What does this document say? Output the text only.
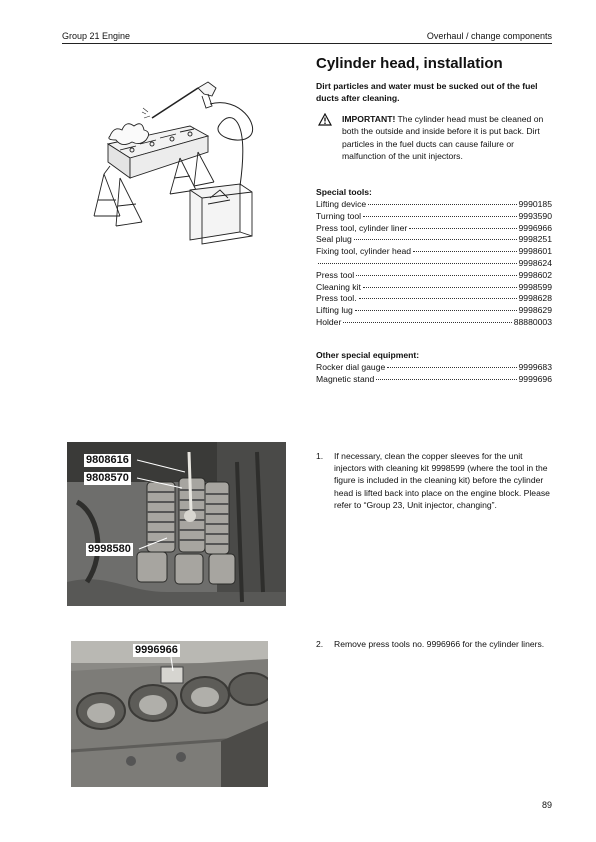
Group 21 Engine	Overhaul / change components
Cylinder head, installation

Dirt particles and water must be sucked out of the fuel ducts after cleaning.

IMPORTANT! The cylinder head must be cleaned on both the outside and inside before it is put back. Dirt particles in the fuel ducts can cause failure or malfunction of the unit injectors.
Special tools:
Lifting device	9990185
Turning tool	9993590
Press tool, cylinder liner	9996966
Seal plug	9998251
Fixing tool, cylinder head	9998601
9998624
Press tool	9998602
Cleaning kit	9998599
Press tool.	9998628
Lifting lug	9998629
Holder	88880003
Other special equipment:
Rocker dial gauge	9999683
Magnetic stand	9999696
9808616
9808570
9998580
1. If necessary, clean the copper sleeves for the unit injectors with cleaning kit 9998599 (where the tool in the figure is included in the cleaning kit) before the cylinder head is lifted back into place on the engine block. Please refer to “Group 23, Unit injector, changing”.
9996966	2. Remove press tools no. 9996966 for the cylinder liners.
89
